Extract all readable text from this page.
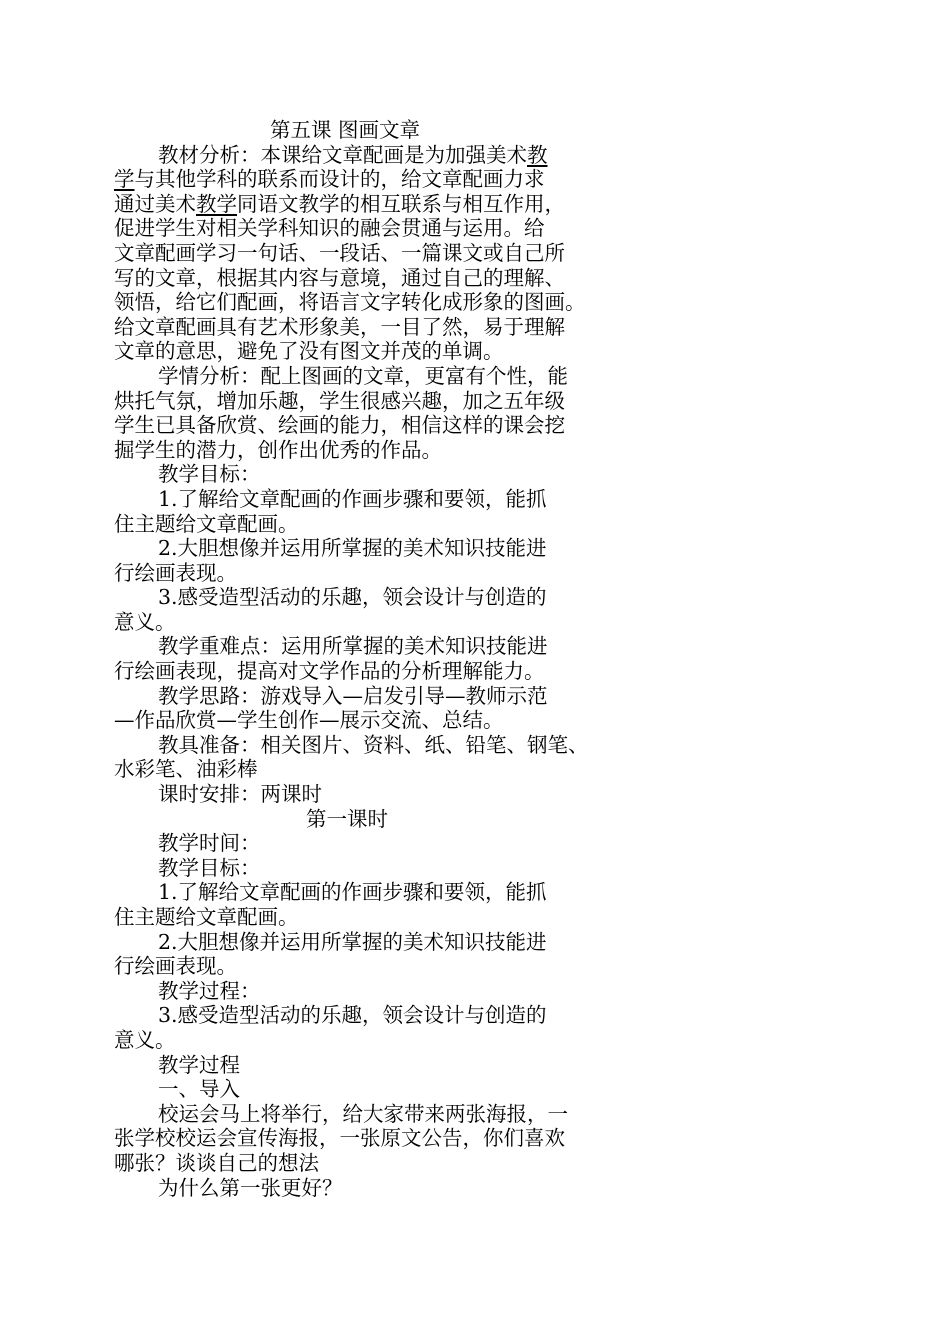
第五课 图画文章
教材分析：本课给文章配画是为加强美术教
学与其他学科的联系而设计的，给文章配画力求
通过美术教学同语文教学的相互联系与相互作用，
促进学生对相关学科知识的融会贯通与运用。给
文章配画学习一句话、一段话、一篇课文或自己所
写的文章，根据其内容与意境，通过自己的理解、
领悟，给它们配画，将语言文字转化成形象的图画。
给文章配画具有艺术形象美，一目了然，易于理解
文章的意思，避免了没有图文并茂的单调。
学情分析：配上图画的文章，更富有个性，能
烘托气氛，增加乐趣，学生很感兴趣，加之五年级
学生已具备欣赏、绘画的能力，相信这样的课会挖
掘学生的潜力，创作出优秀的作品。
教学目标：
1.了解给文章配画的作画步骤和要领，能抓
住主题给文章配画。
2.大胆想像并运用所掌握的美术知识技能进
行绘画表现。
3.感受造型活动的乐趣，领会设计与创造的
意义。
教学重难点：运用所掌握的美术知识技能进
行绘画表现，提高对文学作品的分析理解能力。
教学思路：游戏导入—启发引导—教师示范
—作品欣赏—学生创作—展示交流、总结。
教具准备：相关图片、资料、纸、铅笔、钢笔、
水彩笔、油彩棒
课时安排：两课时
第一课时
教学时间：
教学目标：
1.了解给文章配画的作画步骤和要领，能抓
住主题给文章配画。
2.大胆想像并运用所掌握的美术知识技能进
行绘画表现。
教学过程：
3.感受造型活动的乐趣，领会设计与创造的
意义。
教学过程
一、导入
校运会马上将举行，给大家带来两张海报，一
张学校校运会宣传海报，一张原文公告，你们喜欢
哪张？谈谈自己的想法
为什么第一张更好？
